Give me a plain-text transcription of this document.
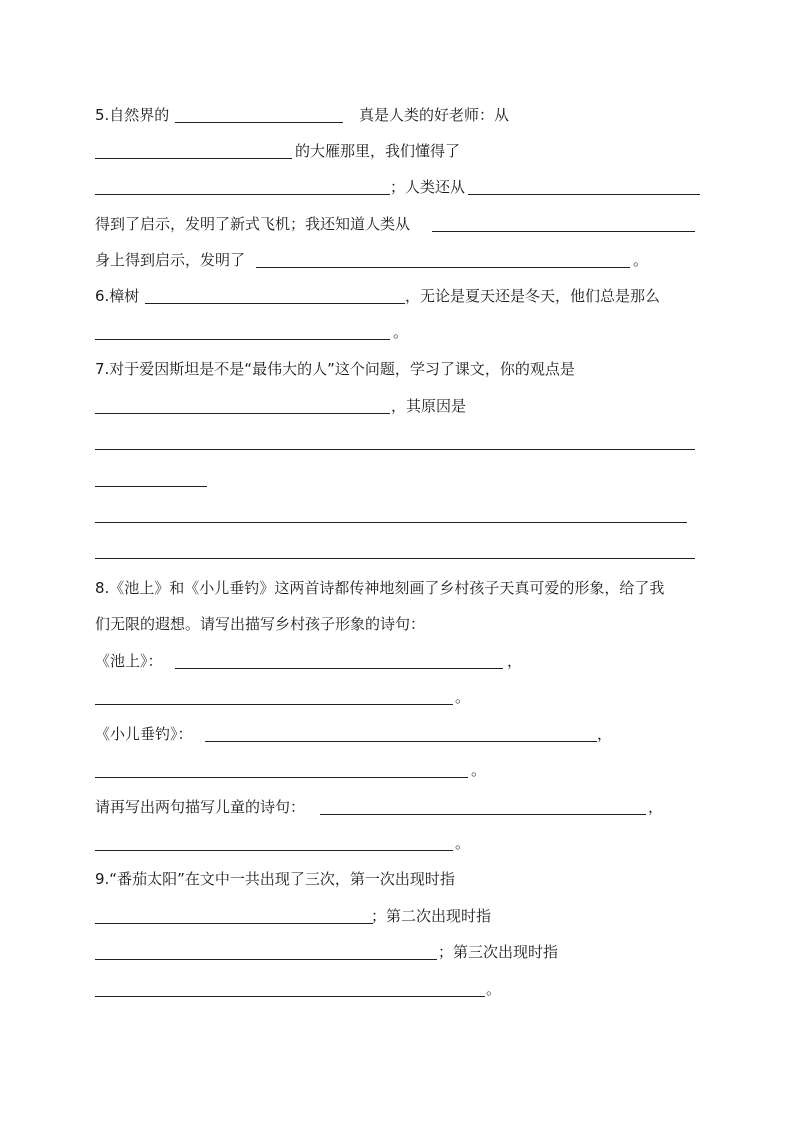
5.自然界的	真是人类的好老师：从
的大雁那里，我们懂得了
；人类还从
得到了启示，发明了新式飞机；我还知道人类从
身上得到启示，发明了	。
6.樟树	，无论是夏天还是冬天，他们总是那么
。
7.对于爱因斯坦是不是“最伟大的人”这个问题，学习了课文，你的观点是
，其原因是
8.《池上》和《小儿垂钓》这两首诗都传神地刻画了乡村孩子天真可爱的形象，给了我
们无限的遐想。请写出描写乡村孩子形象的诗句：
《池上》：	，
。
《小儿垂钓》：	，
。
请再写出两句描写儿童的诗句：	，
。
9.“番茄太阳”在文中一共出现了三次，第一次出现时指
；第二次出现时指
；第三次出现时指
。
